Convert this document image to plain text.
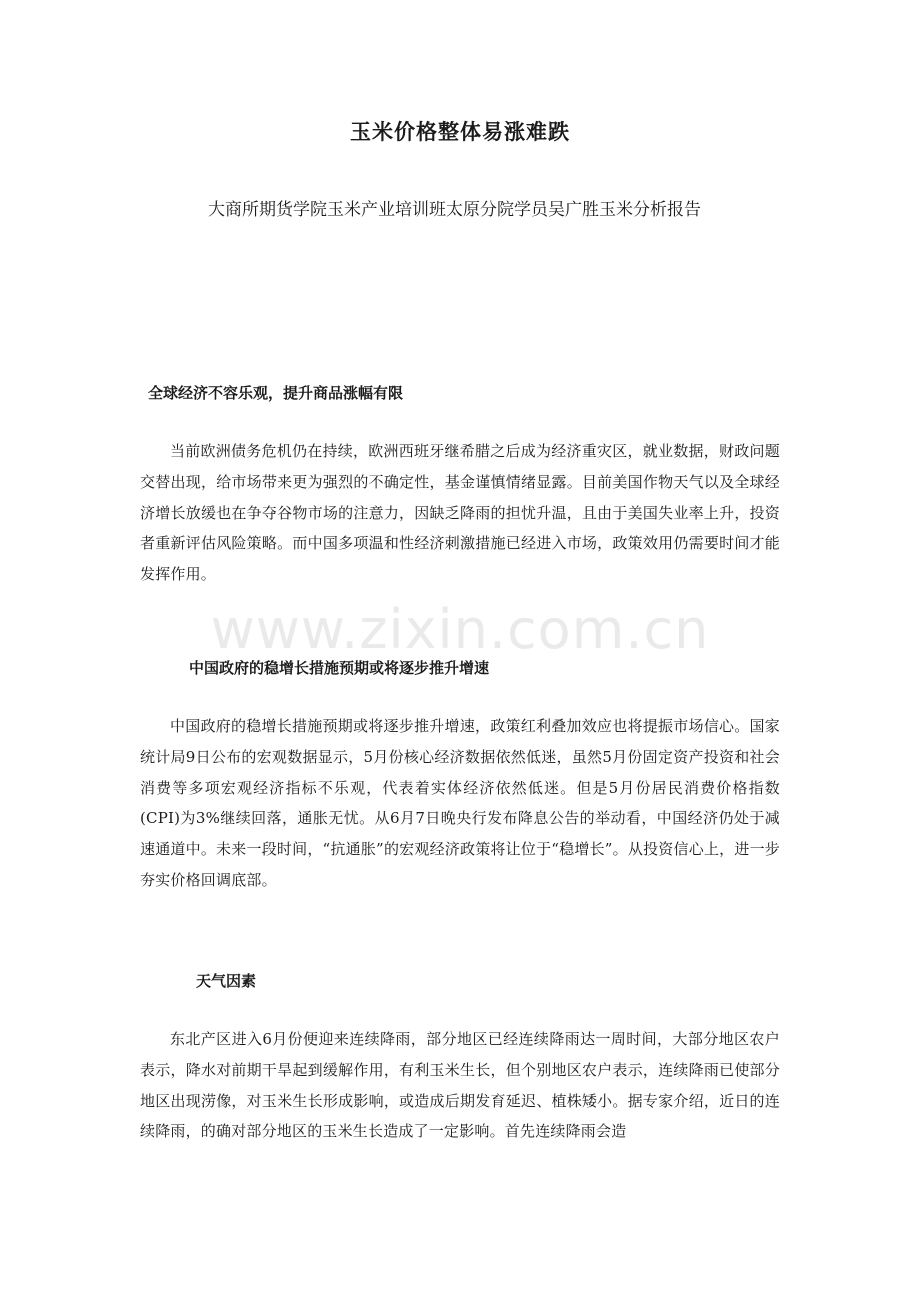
www.zixin.com.cn
玉米价格整体易涨难跌
大商所期货学院玉米产业培训班太原分院学员吴广胜玉米分析报告
全球经济不容乐观，提升商品涨幅有限
当前欧洲债务危机仍在持续，欧洲西班牙继希腊之后成为经济重灾区，就业数据，财政问题交替出现，给市场带来更为强烈的不确定性，基金谨慎情绪显露。目前美国作物天气以及全球经济增长放缓也在争夺谷物市场的注意力，因缺乏降雨的担忧升温，且由于美国失业率上升，投资者重新评估风险策略。而中国多项温和性经济刺激措施已经进入市场，政策效用仍需要时间才能发挥作用。
中国政府的稳增长措施预期或将逐步推升增速
中国政府的稳增长措施预期或将逐步推升增速，政策红利叠加效应也将提振市场信心。国家统计局9日公布的宏观数据显示，5月份核心经济数据依然低迷，虽然5月份固定资产投资和社会消费等多项宏观经济指标不乐观，代表着实体经济依然低迷。但是5月份居民消费价格指数(CPI)为3%继续回落，通胀无忧。从6月7日晚央行发布降息公告的举动看，中国经济仍处于减速通道中。未来一段时间，“抗通胀”的宏观经济政策将让位于“稳增长”。从投资信心上，进一步夯实价格回调底部。
天气因素
东北产区进入6月份便迎来连续降雨，部分地区已经连续降雨达一周时间，大部分地区农户表示，降水对前期干旱起到缓解作用，有利玉米生长，但个别地区农户表示，连续降雨已使部分地区出现涝像，对玉米生长形成影响，或造成后期发育延迟、植株矮小。据专家介绍，近日的连续降雨，的确对部分地区的玉米生长造成了一定影响。首先连续降雨会造
